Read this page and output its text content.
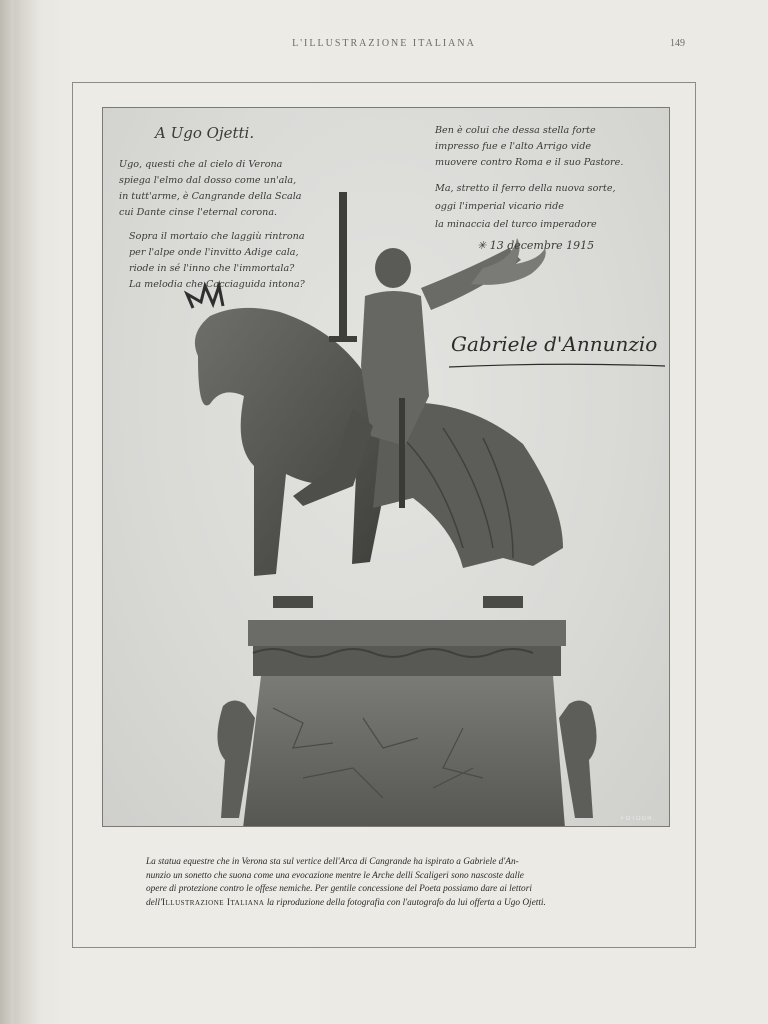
L'ILLUSTRAZIONE ITALIANA	149
A Ugo Ojetti.
Ugo, questi che al cielo di Verona
spiega l'elmo dal dosso come un'ala,
in tutt'arme, è Cangrande della Scala
cui Dante cinse l'eternal corona.
Sopra il mortaio che laggiù rintrona
per l'alpe onde l'invitto Adige cala,
riode in sé l'inno che l'immortala?
La melodia che Cacciaguida intona?
Ben è colui che dessa stella forte
impresso fue e l'alto Arrigo vide
muovere contro Roma e il suo Pastore.
Ma, stretto il ferro della nuova sorte,
oggi l'imperial vicario ride
la minaccia del turco imperadore
✳ 13 decembre 1915
Gabriele d'Annunzio
FOTOGR.
La statua equestre che in Verona sta sul vertice dell'Arca di Cangrande ha ispirato a Gabriele d'An-
nunzio un sonetto che suona come una evocazione mentre le Arche delli Scaligeri sono nascoste dalle
opere di protezione contro le offese nemiche. Per gentile concessione del Poeta possiamo dare ai lettori
dell'Illustrazione Italiana la riproduzione della fotografia con l'autografo da lui offerta a Ugo Ojetti.
